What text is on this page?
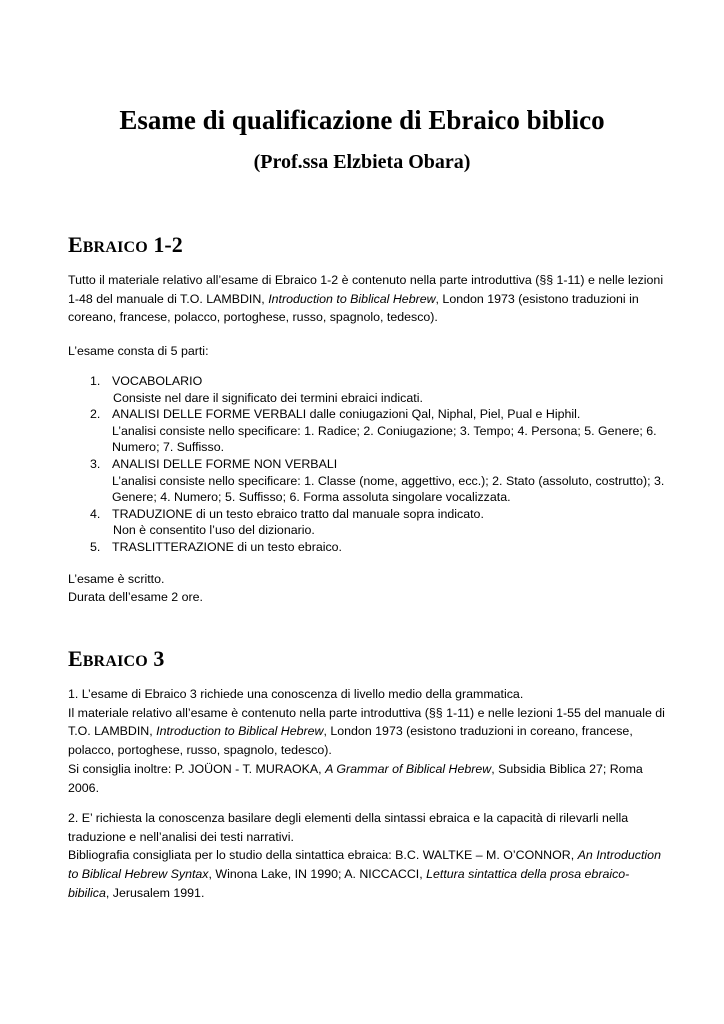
Esame di qualificazione di Ebraico biblico
(Prof.ssa Elzbieta Obara)
EBRAICO 1-2

Tutto il materiale relativo all’esame di Ebraico 1-2 è contenuto nella parte introduttiva (§§ 1-11) e nelle lezioni 1-48 del manuale di T.O. LAMBDIN, Introduction to Biblical Hebrew, London 1973 (esistono traduzioni in coreano, francese, polacco, portoghese, russo, spagnolo, tedesco).

L’esame consta di 5 parti:
1. VOCABOLARIO
Consiste nel dare il significato dei termini ebraici indicati.
2. ANALISI DELLE FORME VERBALI dalle coniugazioni Qal, Niphal, Piel, Pual e Hiphil.
L’analisi consiste nello specificare: 1. Radice; 2. Coniugazione; 3. Tempo; 4. Persona; 5. Genere; 6. Numero; 7. Suffisso.
3. ANALISI DELLE FORME NON VERBALI
L’analisi consiste nello specificare: 1. Classe (nome, aggettivo, ecc.); 2. Stato (assoluto, costrutto); 3. Genere; 4. Numero; 5. Suffisso; 6. Forma assoluta singolare vocalizzata.
4. TRADUZIONE di un testo ebraico tratto dal manuale sopra indicato.
Non è consentito l’uso del dizionario.
5. TRASLITTERAZIONE di un testo ebraico.

L’esame è scritto.

Durata dell’esame 2 ore.

EBRAICO 3

1. L’esame di Ebraico 3 richiede una conoscenza di livello medio della grammatica.

Il materiale relativo all’esame è contenuto nella parte introduttiva (§§ 1-11) e nelle lezioni 1-55 del manuale di T.O. LAMBDIN, Introduction to Biblical Hebrew, London 1973 (esistono traduzioni in coreano, francese, polacco, portoghese, russo, spagnolo, tedesco).

Si consiglia inoltre: P. JOÜON - T. MURAOKA, A Grammar of Biblical Hebrew, Subsidia Biblica 27; Roma 2006.

2. E’ richiesta la conoscenza basilare degli elementi della sintassi ebraica e la capacità di rilevarli nella traduzione e nell’analisi dei testi narrativi.

Bibliografia consigliata per lo studio della sintattica ebraica: B.C. WALTKE – M. O’CONNOR, An Introduction to Biblical Hebrew Syntax, Winona Lake, IN 1990; A. NICCACCI, Lettura sintattica della prosa ebraico-bibilica, Jerusalem 1991.
